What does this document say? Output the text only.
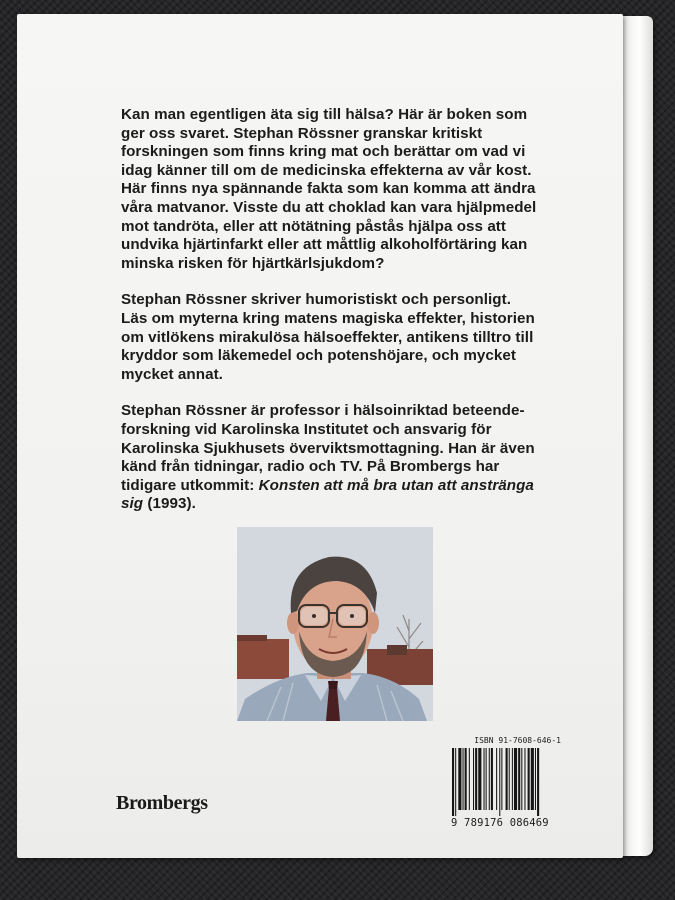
Kan man egentligen äta sig till hälsa? Här är boken som
ger oss svaret. Stephan Rössner granskar kritiskt
forskningen som finns kring mat och berättar om vad vi
idag känner till om de medicinska effekterna av vår kost.
Här finns nya spännande fakta som kan komma att ändra
våra matvanor. Visste du att choklad kan vara hjälpmedel
mot tandröta, eller att nötätning påstås hjälpa oss att
undvika hjärtinfarkt eller att måttlig alkoholförtäring kan
minska risken för hjärtkärlsjukdom?

Stephan Rössner skriver humoristiskt och personligt.
Läs om myterna kring matens magiska effekter, historien
om vitlökens mirakulösa hälsoeffekter, antikens tilltro till
kryddor som läkemedel och potenshöjare, och mycket
mycket annat.

Stephan Rössner är professor i hälsoinriktad beteende-
forskning vid Karolinska Institutet och ansvarig för
Karolinska Sjukhusets överviktsmottagning. Han är även
känd från tidningar, radio och TV. På Brombergs har
tidigare utkommit: Konsten att må bra utan att anstränga
sig (1993).

ISBN 91-7608-646-1
9 789176 086469
Brombergs
